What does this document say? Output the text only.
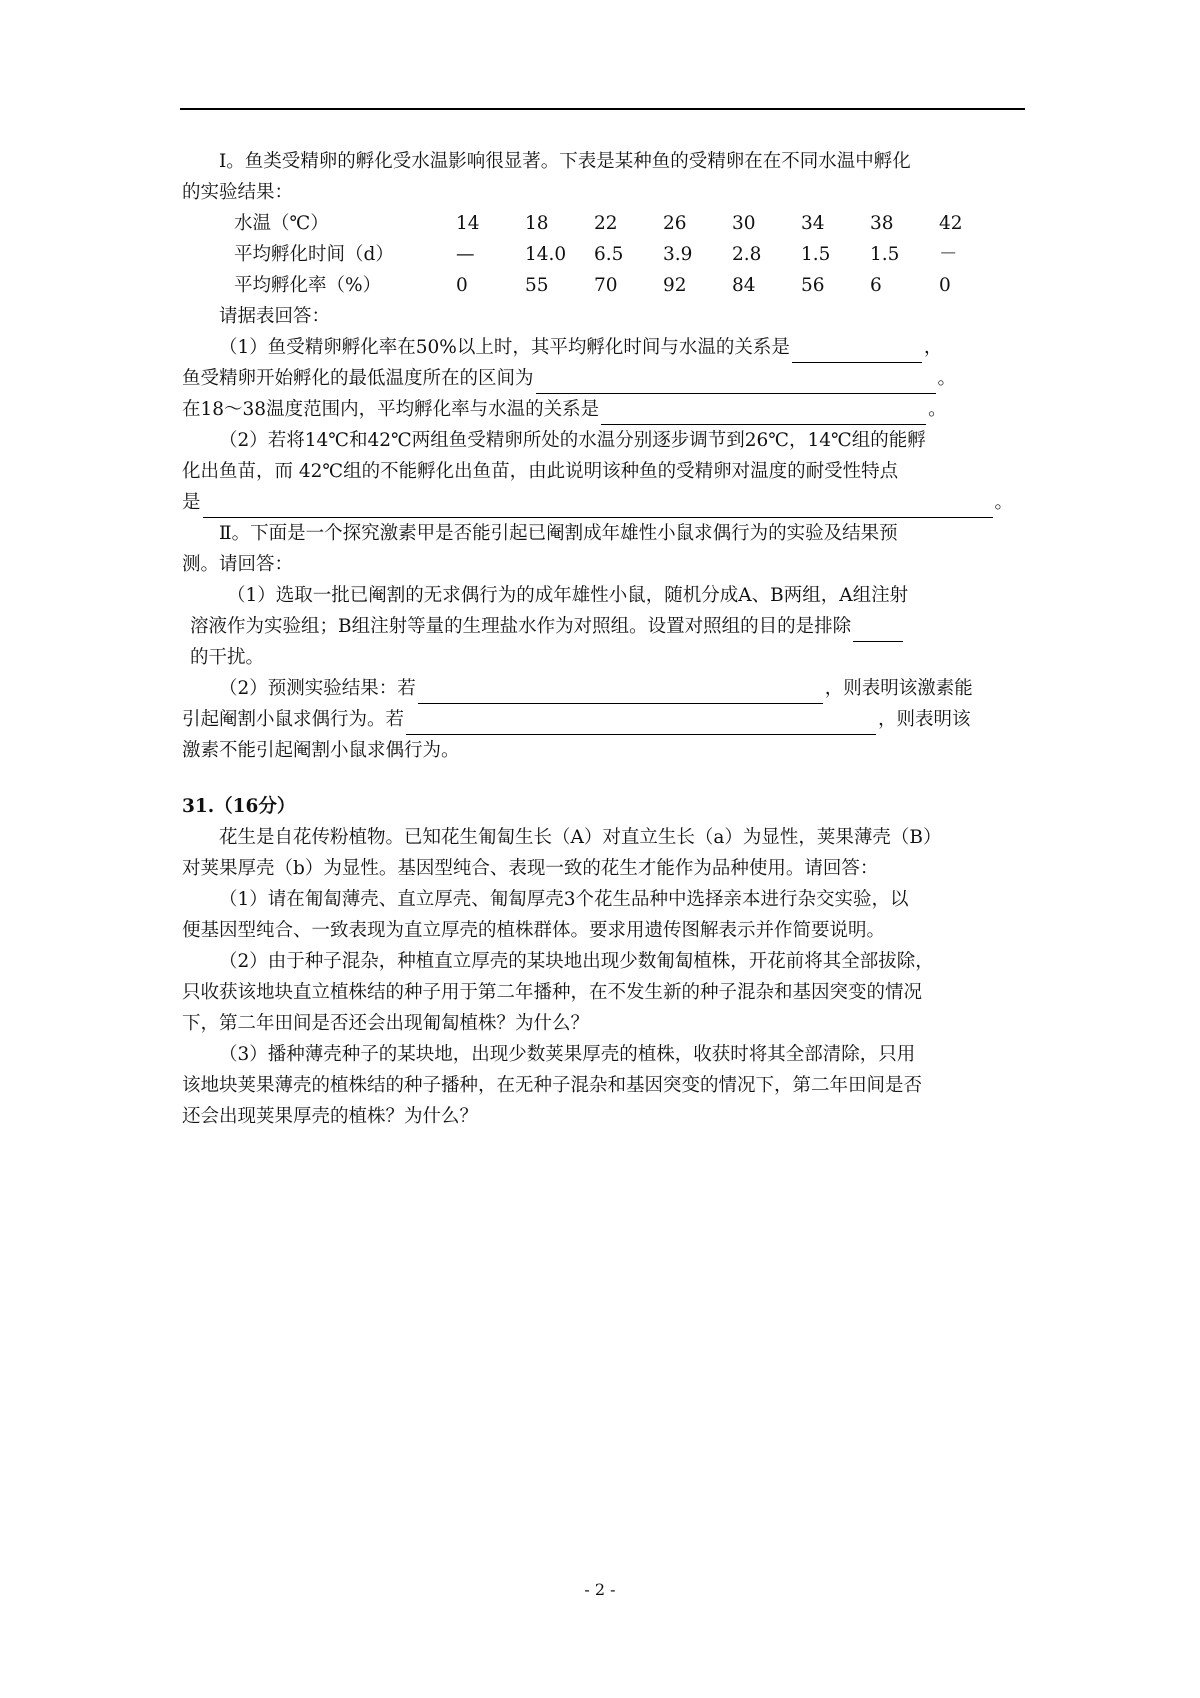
Ⅰ。鱼类受精卵的孵化受水温影响很显著。下表是某种鱼的受精卵在在不同水温中孵化

的实验结果：

水温（℃）	14	18	22	26	30	34	38	42
平均孵化时间（d）	—	14.0	6.5	3.9	2.8	1.5	1.5	－
平均孵化率（%）	0	55	70	92	84	56	6	0

请据表回答：

（1）鱼受精卵孵化率在50%以上时，其平均孵化时间与水温的关系是	，

鱼受精卵开始孵化的最低温度所在的区间为	。

在18～38温度范围内，平均孵化率与水温的关系是	。

（2）若将14℃和42℃两组鱼受精卵所处的水温分别逐步调节到26℃，14℃组的能孵

化出鱼苗，而 42℃组的不能孵化出鱼苗，由此说明该种鱼的受精卵对温度的耐受性特点

是	。

Ⅱ。下面是一个探究激素甲是否能引起已阉割成年雄性小鼠求偶行为的实验及结果预

测。请回答：

（1）选取一批已阉割的无求偶行为的成年雄性小鼠，随机分成A、B两组，A组注射

溶液作为实验组；B组注射等量的生理盐水作为对照组。设置对照组的目的是排除

的干扰。

（2）预测实验结果：若	，则表明该激素能

引起阉割小鼠求偶行为。若	，则表明该

激素不能引起阉割小鼠求偶行为。

31.（16分）

花生是自花传粉植物。已知花生匍匐生长（A）对直立生长（a）为显性，荚果薄壳（B）

对荚果厚壳（b）为显性。基因型纯合、表现一致的花生才能作为品种使用。请回答：

（1）请在匍匐薄壳、直立厚壳、匍匐厚壳3个花生品种中选择亲本进行杂交实验，以

便基因型纯合、一致表现为直立厚壳的植株群体。要求用遗传图解表示并作简要说明。

（2）由于种子混杂，种植直立厚壳的某块地出现少数匍匐植株，开花前将其全部拔除，

只收获该地块直立植株结的种子用于第二年播种，在不发生新的种子混杂和基因突变的情况

下，第二年田间是否还会出现匍匐植株？为什么？

（3）播种薄壳种子的某块地，出现少数荚果厚壳的植株，收获时将其全部清除，只用

该地块荚果薄壳的植株结的种子播种，在无种子混杂和基因突变的情况下，第二年田间是否

还会出现荚果厚壳的植株？为什么？

- 2 -
